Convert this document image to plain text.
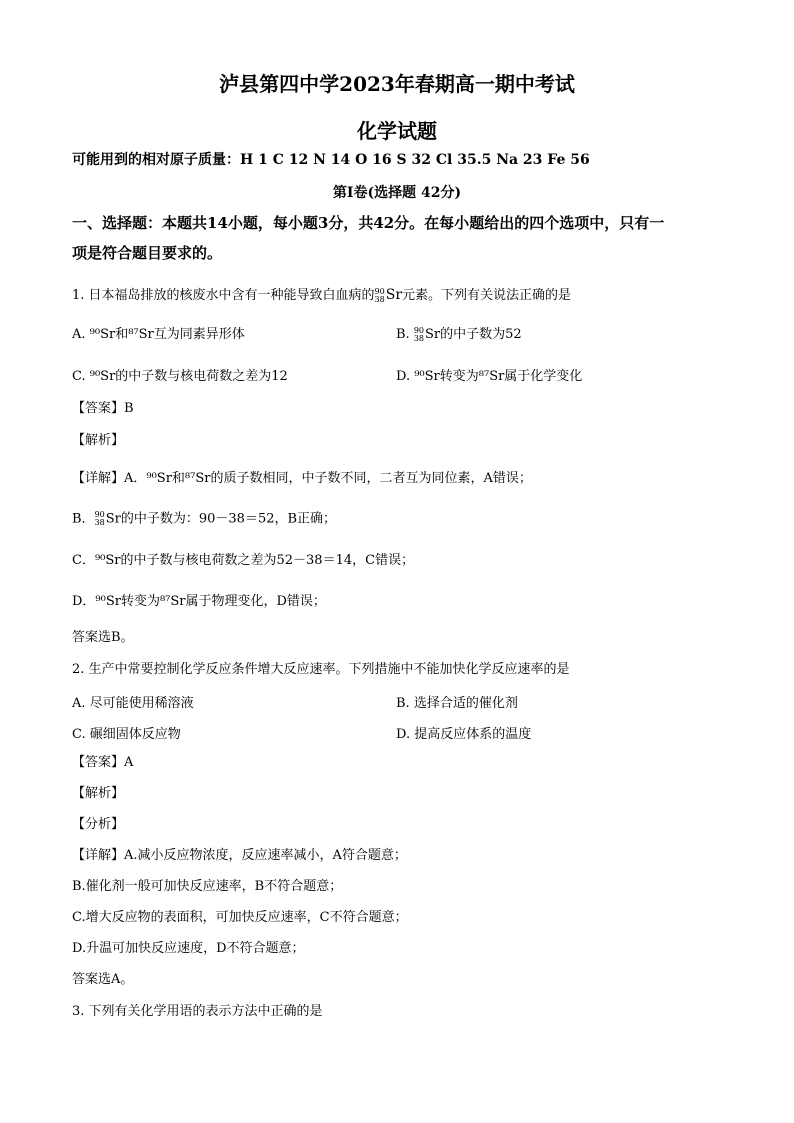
泸县第四中学2023年春期高一期中考试
化学试题
可能用到的相对原子质量：H 1 C 12 N 14 O 16 S 32 Cl 35.5 Na 23 Fe 56
第I卷(选择题 42分)
一、选择题：本题共14小题，每小题3分，共42分。在每小题给出的四个选项中，只有一
项是符合题目要求的。
1. 日本福岛排放的核废水中含有一种能导致白血病的90
38Sr元素。下列有关说法正确的是
A. ⁹⁰Sr和⁸⁷Sr互为同素异形体	B. 90
38Sr的中子数为52
C. ⁹⁰Sr的中子数与核电荷数之差为12	D. ⁹⁰Sr转变为⁸⁷Sr属于化学变化
【答案】B
【解析】
【详解】A．⁹⁰Sr和⁸⁷Sr的质子数相同，中子数不同，二者互为同位素，A错误；
B．90
38Sr的中子数为：90－38＝52，B正确；
C．⁹⁰Sr的中子数与核电荷数之差为52－38＝14，C错误；
D．⁹⁰Sr转变为⁸⁷Sr属于物理变化，D错误；
答案选B。
2. 生产中常要控制化学反应条件增大反应速率。下列措施中不能加快化学反应速率的是
A. 尽可能使用稀溶液	B. 选择合适的催化剂
C. 碾细固体反应物	D. 提高反应体系的温度
【答案】A
【解析】
【分析】
【详解】A.减小反应物浓度，反应速率减小，A符合题意；
B.催化剂一般可加快反应速率，B不符合题意；
C.增大反应物的表面积，可加快反应速率，C不符合题意；
D.升温可加快反应速度，D不符合题意；
答案选A。
3. 下列有关化学用语的表示方法中正确的是
